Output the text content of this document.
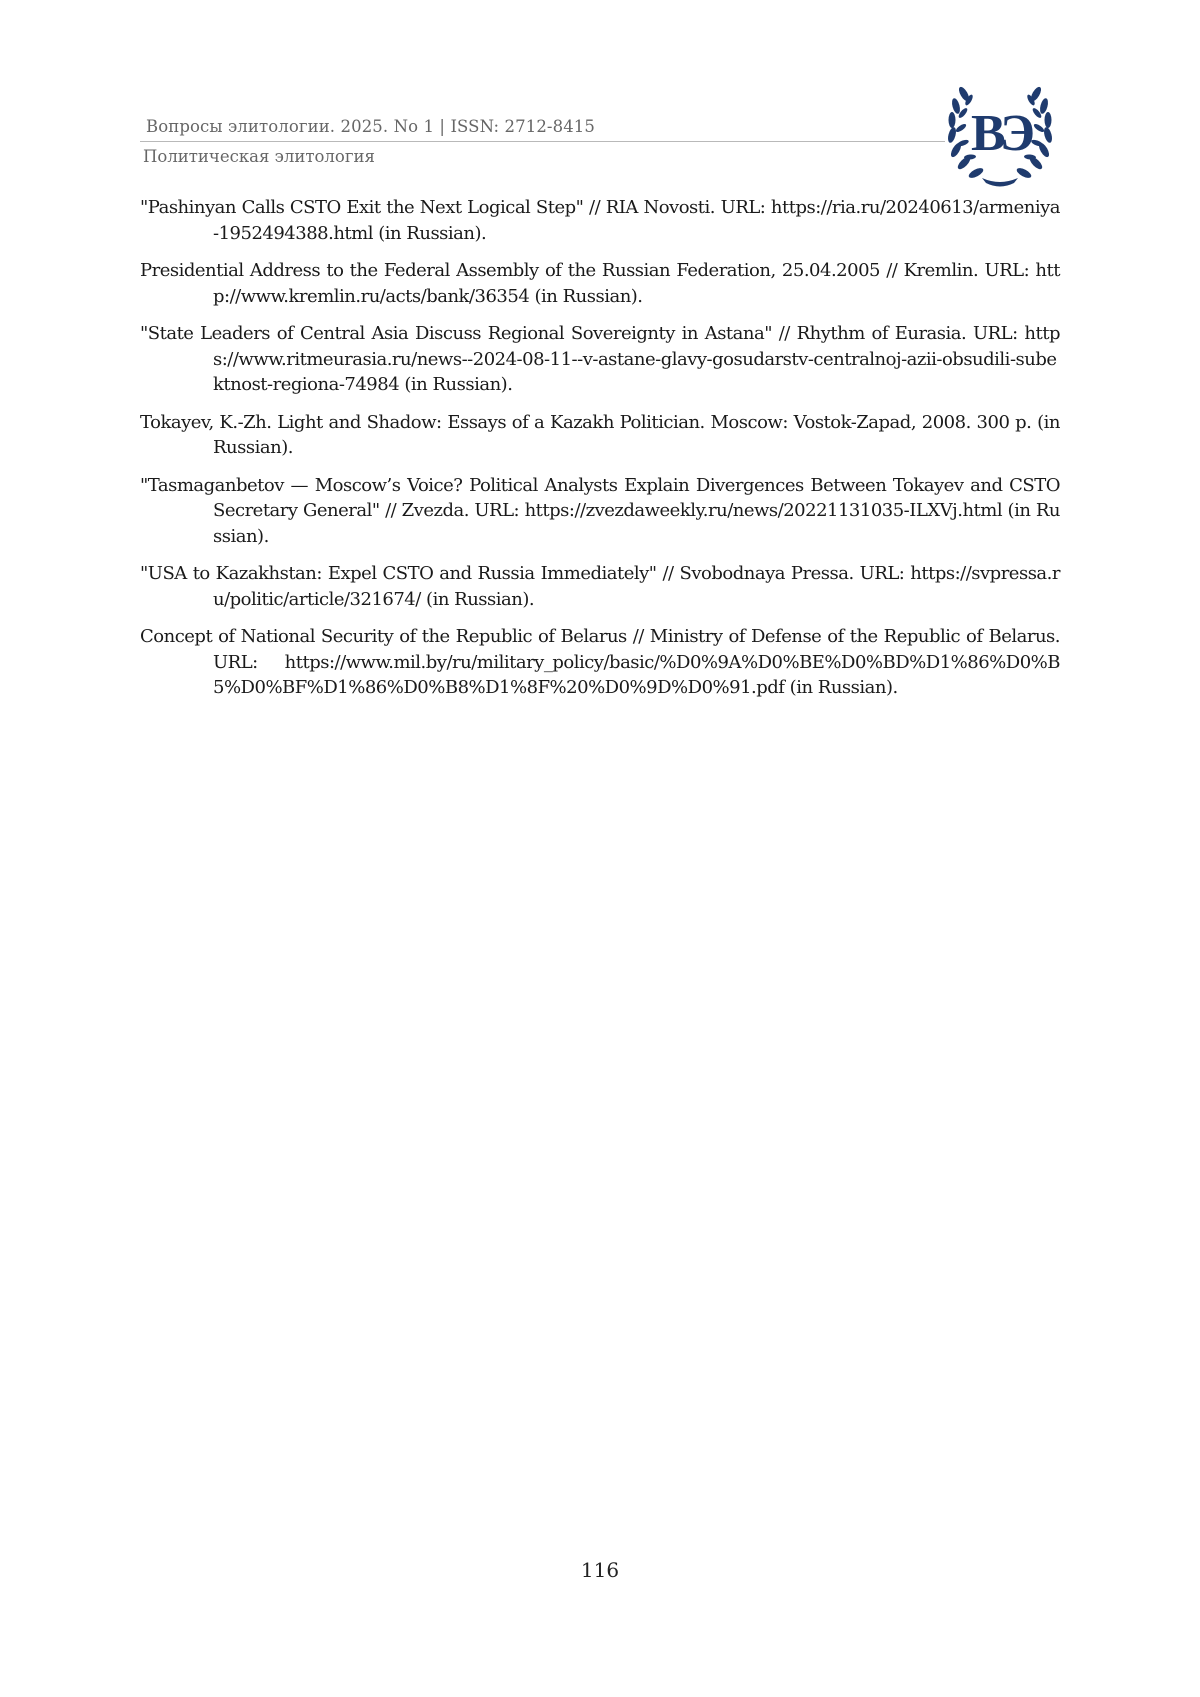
Вопросы элитологии. 2025. No 1 | ISSN: 2712-8415
Политическая элитология	ВЭ

"Pashinyan Calls CSTO Exit the Next Logical Step" // RIA Novosti. URL: https://ria.ru/20240613/armeniya-1952494388.html (in Russian).

Presidential Address to the Federal Assembly of the Russian Federation, 25.04.2005 // Kremlin. URL: http://www.kremlin.ru/acts/bank/36354 (in Russian).

"State Leaders of Central Asia Discuss Regional Sovereignty in Astana" // Rhythm of Eurasia. URL: https://www.ritmeurasia.ru/news--2024-08-11--v-astane-glavy-gosudarstv-centralnoj-azii-obsudili-subektnost-regiona-74984 (in Russian).

Tokayev, K.-Zh. Light and Shadow: Essays of a Kazakh Politician. Moscow: Vostok-Zapad, 2008. 300 p. (in Russian).

"Tasmaganbetov — Moscow’s Voice? Political Analysts Explain Divergences Between Tokayev and CSTO Secretary General" // Zvezda. URL: https://zvezdaweekly.ru/news/20221131035-ILXVj.html (in Russian).

"USA to Kazakhstan: Expel CSTO and Russia Immediately" // Svobodnaya Pressa. URL: https://svpressa.ru/politic/article/321674/ (in Russian).

Concept of National Security of the Republic of Belarus // Ministry of Defense of the Republic of Belarus. URL: https://www.mil.by/ru/military_policy/basic/%D0%9A%D0%BE%D0%BD%D1%86%D0%B5%D0%BF%D1%86%D0%B8%D1%8F%20%D0%9D%D0%91.pdf (in Russian).

116
